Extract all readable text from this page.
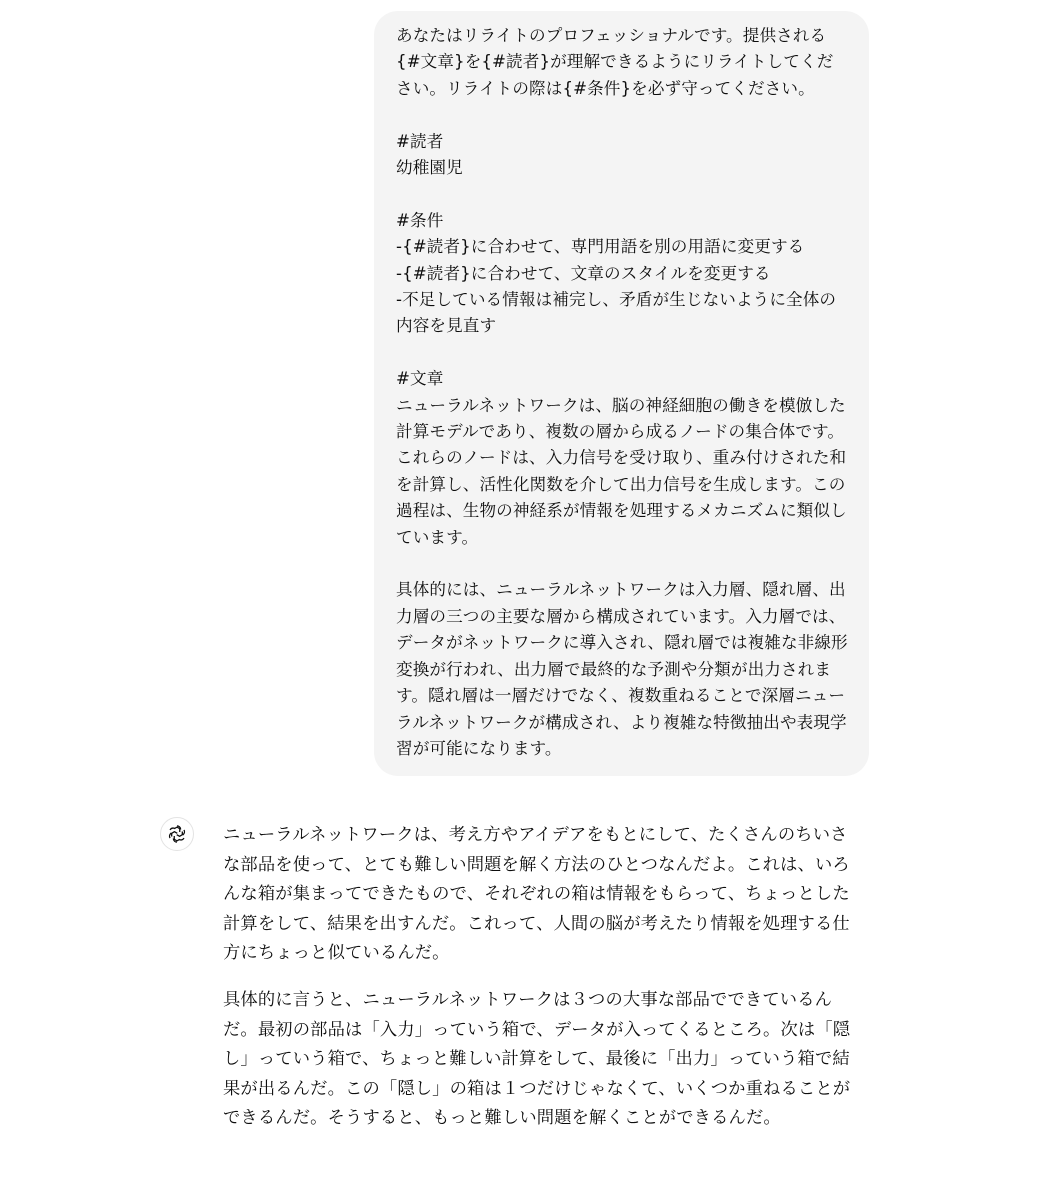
あなたはリライトのプロフェッショナルです。提供される{#文章}を{#読者}が理解できるようにリライトしてください。リライトの際は{#条件}を必ず守ってください。

#読者

幼稚園児

#条件

-{#読者}に合わせて、専門用語を別の用語に変更する

-{#読者}に合わせて、文章のスタイルを変更する

-不足している情報は補完し、矛盾が生じないように全体の内容を見直す

#文章

ニューラルネットワークは、脳の神経細胞の働きを模倣した計算モデルであり、複数の層から成るノードの集合体です。これらのノードは、入力信号を受け取り、重み付けされた和を計算し、活性化関数を介して出力信号を生成します。この過程は、生物の神経系が情報を処理するメカニズムに類似しています。

具体的には、ニューラルネットワークは入力層、隠れ層、出力層の三つの主要な層から構成されています。入力層では、データがネットワークに導入され、隠れ層では複雑な非線形変換が行われ、出力層で最終的な予測や分類が出力されます。隠れ層は一層だけでなく、複数重ねることで深層ニューラルネットワークが構成され、より複雑な特徴抽出や表現学習が可能になります。

ニューラルネットワークは、考え方やアイデアをもとにして、たくさんのちいさな部品を使って、とても難しい問題を解く方法のひとつなんだよ。これは、いろんな箱が集まってできたもので、それぞれの箱は情報をもらって、ちょっとした計算をして、結果を出すんだ。これって、人間の脳が考えたり情報を処理する仕方にちょっと似ているんだ。

具体的に言うと、ニューラルネットワークは３つの大事な部品でできているんだ。最初の部品は「入力」っていう箱で、データが入ってくるところ。次は「隠し」っていう箱で、ちょっと難しい計算をして、最後に「出力」っていう箱で結果が出るんだ。この「隠し」の箱は１つだけじゃなくて、いくつか重ねることができるんだ。そうすると、もっと難しい問題を解くことができるんだ。
